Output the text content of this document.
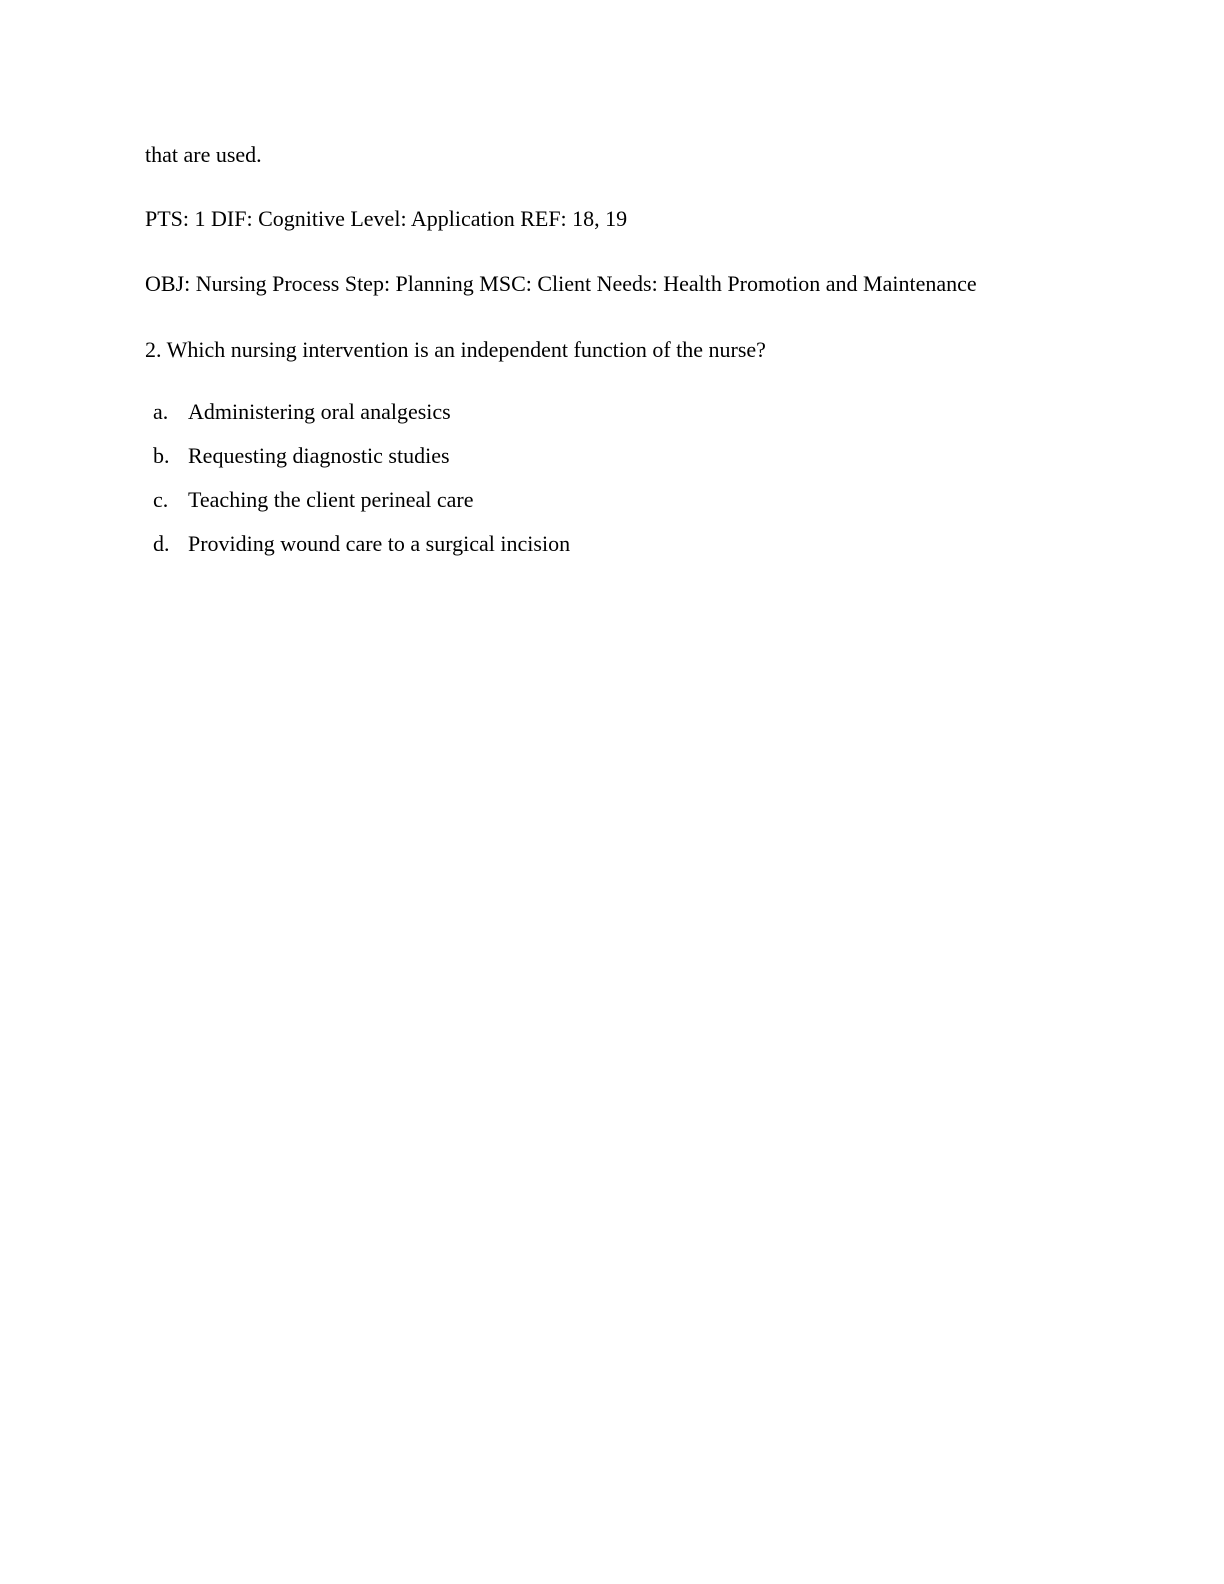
that are used.
PTS: 1 DIF: Cognitive Level: Application REF: 18, 19
OBJ: Nursing Process Step: Planning MSC: Client Needs: Health Promotion and Maintenance
2. Which nursing intervention is an independent function of the nurse?
a. Administering oral analgesics
b. Requesting diagnostic studies
c. Teaching the client perineal care
d. Providing wound care to a surgical incision
